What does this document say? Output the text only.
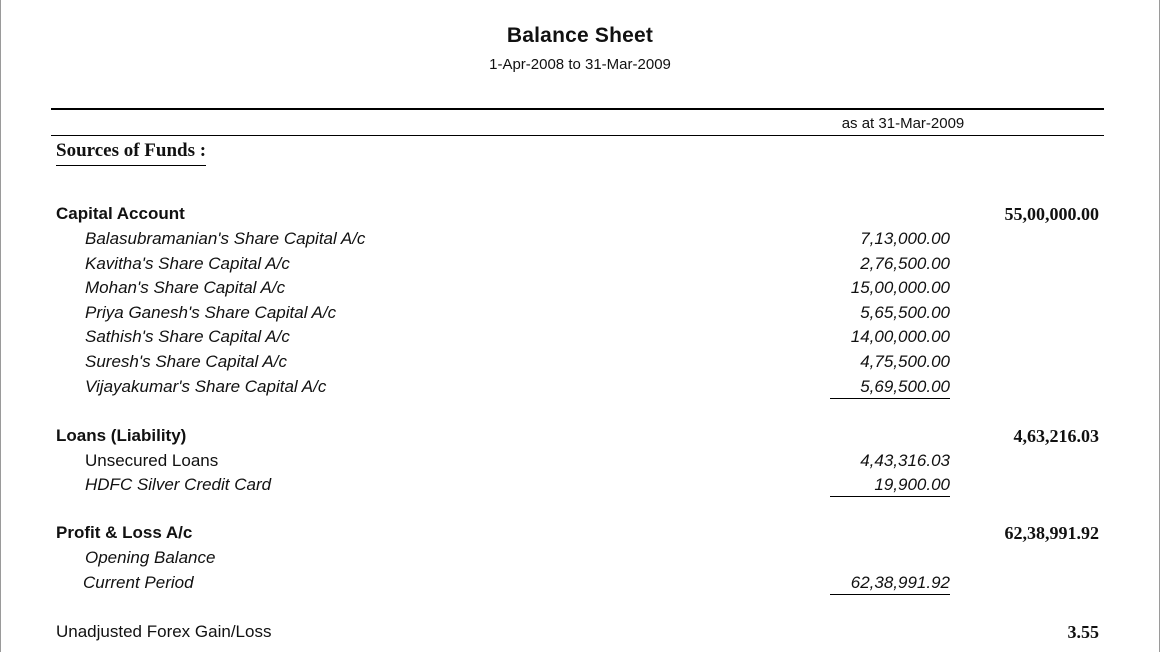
Balance Sheet
1-Apr-2008 to 31-Mar-2009
as at 31-Mar-2009
Sources of Funds :
Capital Account	55,00,000.00
Balasubramanian's Share Capital A/c	7,13,000.00
Kavitha's Share Capital A/c	2,76,500.00
Mohan's Share Capital A/c	15,00,000.00
Priya Ganesh's Share Capital A/c	5,65,500.00
Sathish's Share Capital A/c	14,00,000.00
Suresh's Share Capital A/c	4,75,500.00
Vijayakumar's Share Capital A/c	5,69,500.00
Loans (Liability)	4,63,216.03
Unsecured Loans	4,43,316.03
HDFC Silver Credit Card	19,900.00
Profit & Loss A/c	62,38,991.92
Opening Balance
Current Period	62,38,991.92
Unadjusted Forex Gain/Loss	3.55
